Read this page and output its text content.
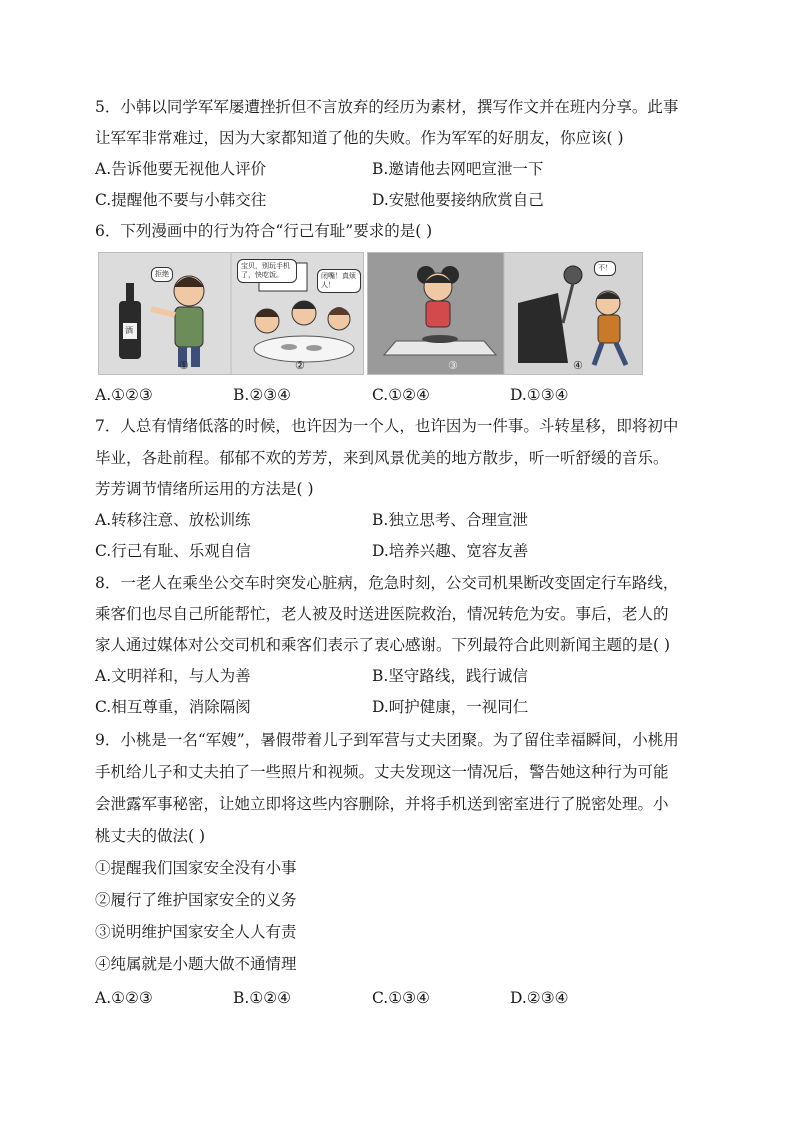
5．小韩以同学军军屡遭挫折但不言放弃的经历为素材，撰写作文并在班内分享。此事
让军军非常难过，因为大家都知道了他的失败。作为军军的好朋友，你应该( )
A.告诉他要无视他人评价	B.邀请他去网吧宣泄一下
C.提醒他不要与小韩交往	D.安慰他要接纳欣赏自己
6．下列漫画中的行为符合“行己有耻”要求的是( )
拒绝
宝贝，别玩手机了，快吃饭。	闭嘴！真烦人！
酒
①	②
不！
③	④
A.①②③	B.②③④	C.①②④	D.①③④
7．人总有情绪低落的时候，也许因为一个人，也许因为一件事。斗转星移，即将初中
毕业，各赴前程。郁郁不欢的芳芳，来到风景优美的地方散步，听一听舒缓的音乐。
芳芳调节情绪所运用的方法是( )
A.转移注意、放松训练	B.独立思考、合理宣泄
C.行己有耻、乐观自信	D.培养兴趣、宽容友善
8．一老人在乘坐公交车时突发心脏病，危急时刻，公交司机果断改变固定行车路线，
乘客们也尽自己所能帮忙，老人被及时送进医院救治，情况转危为安。事后，老人的
家人通过媒体对公交司机和乘客们表示了衷心感谢。下列最符合此则新闻主题的是( )
A.文明祥和，与人为善	B.坚守路线，践行诚信
C.相互尊重，消除隔阂	D.呵护健康，一视同仁
9．小桃是一名“军嫂”，暑假带着儿子到军营与丈夫团聚。为了留住幸福瞬间，小桃用
手机给儿子和丈夫拍了一些照片和视频。丈夫发现这一情况后，警告她这种行为可能
会泄露军事秘密，让她立即将这些内容删除，并将手机送到密室进行了脱密处理。小
桃丈夫的做法( )
①提醒我们国家安全没有小事
②履行了维护国家安全的义务
③说明维护国家安全人人有责
④纯属就是小题大做不通情理
A.①②③	B.①②④	C.①③④	D.②③④
